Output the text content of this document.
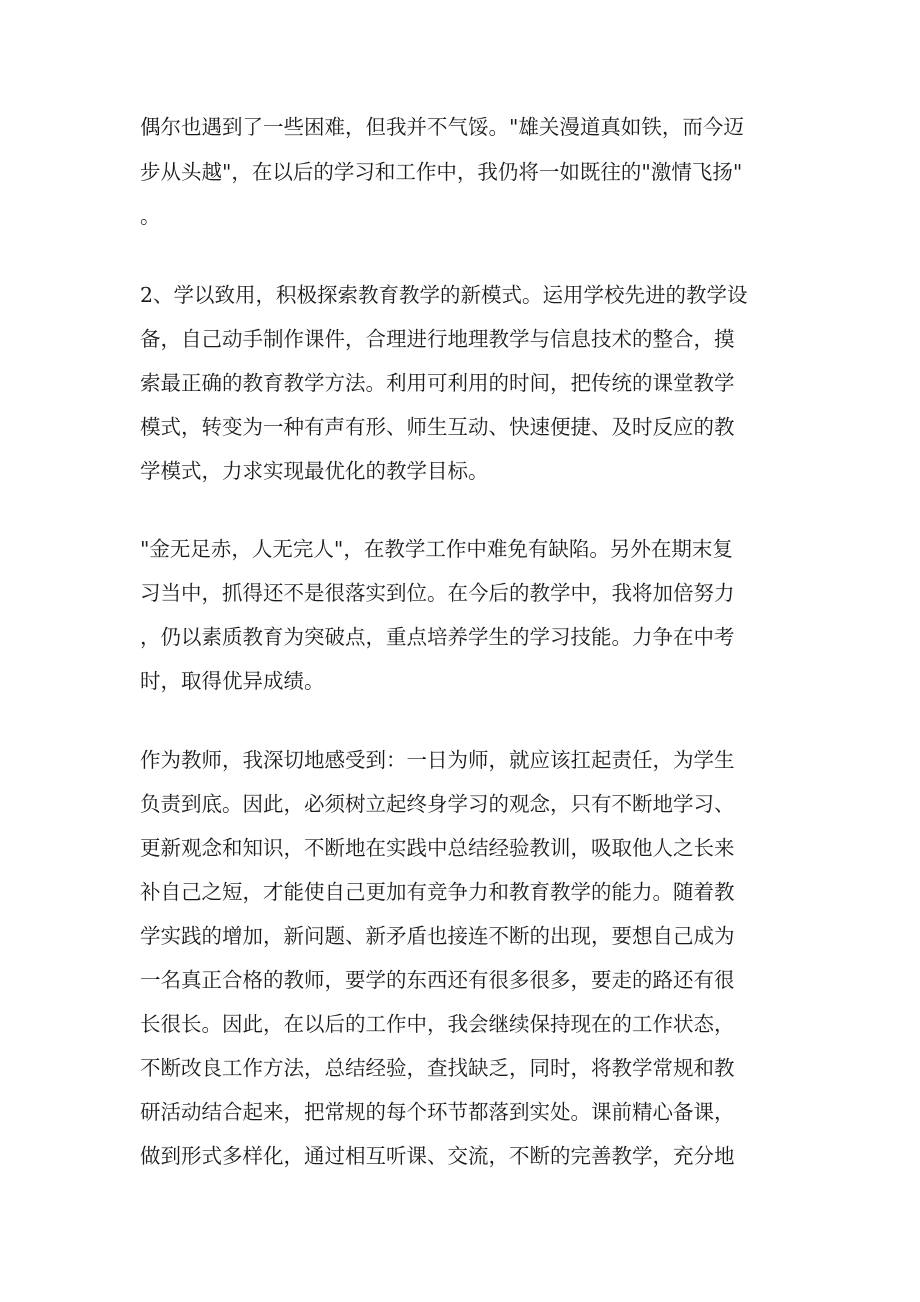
偶尔也遇到了一些困难，但我并不气馁。"雄关漫道真如铁，而今迈
步从头越"，在以后的学习和工作中，我仍将一如既往的"激情飞扬"
。
2、学以致用，积极探索教育教学的新模式。运用学校先进的教学设
备，自己动手制作课件，合理进行地理教学与信息技术的整合，摸
索最正确的教育教学方法。利用可利用的时间，把传统的课堂教学
模式，转变为一种有声有形、师生互动、快速便捷、及时反应的教
学模式，力求实现最优化的教学目标。
"金无足赤，人无完人"，在教学工作中难免有缺陷。另外在期末复
习当中，抓得还不是很落实到位。在今后的教学中，我将加倍努力
，仍以素质教育为突破点，重点培养学生的学习技能。力争在中考
时，取得优异成绩。
作为教师，我深切地感受到：一日为师，就应该扛起责任，为学生
负责到底。因此，必须树立起终身学习的观念，只有不断地学习、
更新观念和知识，不断地在实践中总结经验教训，吸取他人之长来
补自己之短，才能使自己更加有竞争力和教育教学的能力。随着教
学实践的增加，新问题、新矛盾也接连不断的出现，要想自己成为
一名真正合格的教师，要学的东西还有很多很多，要走的路还有很
长很长。因此，在以后的工作中，我会继续保持现在的工作状态，
不断改良工作方法，总结经验，查找缺乏，同时，将教学常规和教
研活动结合起来，把常规的每个环节都落到实处。课前精心备课，
做到形式多样化，通过相互听课、交流，不断的完善教学，充分地
